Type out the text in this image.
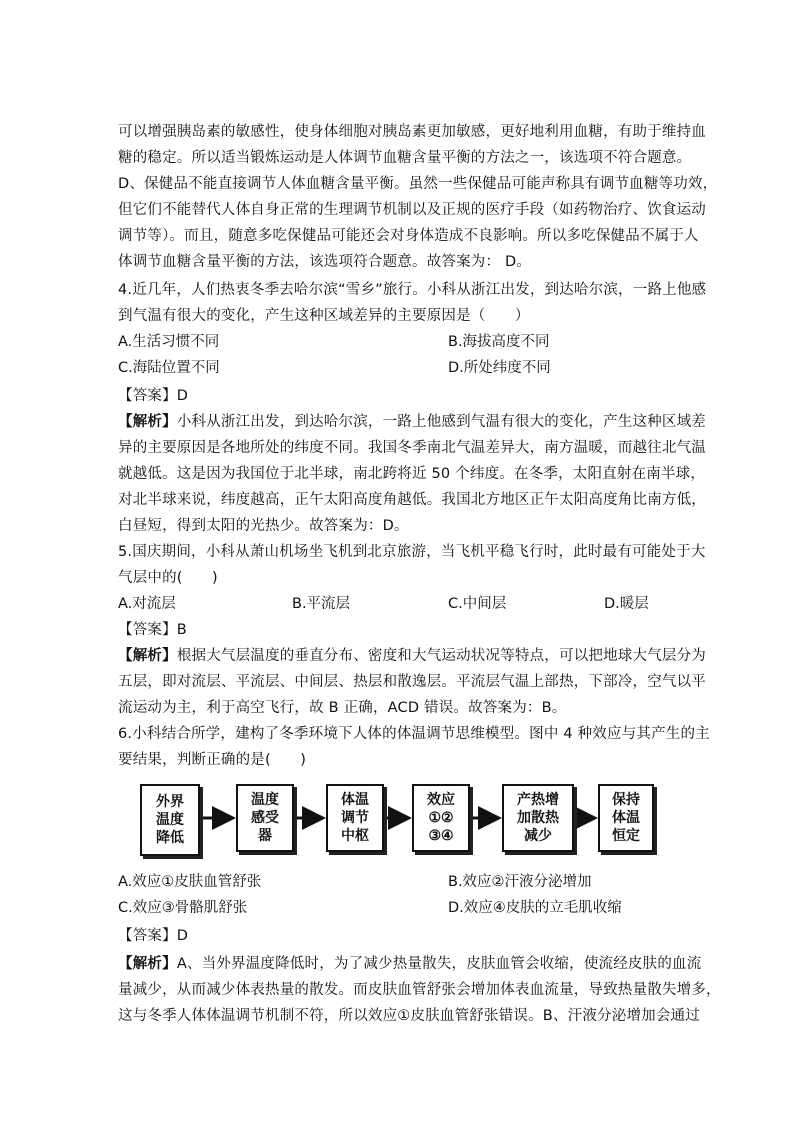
可以增强胰岛素的敏感性，使身体细胞对胰岛素更加敏感，更好地利用血糖，有助于维持血
糖的稳定。所以适当锻炼运动是人体调节血糖含量平衡的方法之一，该选项不符合题意。
D、保健品不能直接调节人体血糖含量平衡。虽然一些保健品可能声称具有调节血糖等功效，
但它们不能替代人体自身正常的生理调节机制以及正规的医疗手段（如药物治疗、饮食运动
调节等）。而且，随意多吃保健品可能还会对身体造成不良影响。所以多吃保健品不属于人
体调节血糖含量平衡的方法，该选项符合题意。故答案为： D。
4.近几年，人们热衷冬季去哈尔滨“雪乡”旅行。小科从浙江出发，到达哈尔滨，一路上他感
到气温有很大的变化，产生这种区域差异的主要原因是（　　）
A.生活习惯不同	B.海拔高度不同
C.海陆位置不同	D.所处纬度不同
【答案】D
【解析】小科从浙江出发，到达哈尔滨，一路上他感到气温有很大的变化，产生这种区域差
异的主要原因是各地所处的纬度不同。我国冬季南北气温差异大，南方温暖，而越往北气温
就越低。这是因为我国位于北半球，南北跨将近 50 个纬度。在冬季，太阳直射在南半球，
对北半球来说，纬度越高，正午太阳高度角越低。我国北方地区正午太阳高度角比南方低，
白昼短，得到太阳的光热少。故答案为：D。
5.国庆期间，小科从萧山机场坐飞机到北京旅游，当飞机平稳飞行时，此时最有可能处于大
气层中的(　　)
A.对流层	B.平流层	C.中间层	D.暖层
【答案】B
【解析】根据大气层温度的垂直分布、密度和大气运动状况等特点，可以把地球大气层分为
五层，即对流层、平流层、中间层、热层和散逸层。平流层气温上部热，下部冷，空气以平
流运动为主，利于高空飞行，故 B 正确，ACD 错误。故答案为：B。
6.小科结合所学，建构了冬季环境下人体的体温调节思维模型。图中 4 种效应与其产生的主
要结果，判断正确的是(　　)
外界
温度
降低
温度
感受
器
体温
调节
中枢
效应
①②
③④
产热增
加散热
减少
保持
体温
恒定
A.效应①皮肤血管舒张	B.效应②汗液分泌增加
C.效应③骨骼肌舒张	D.效应④皮肤的立毛肌收缩
【答案】D
【解析】A、当外界温度降低时，为了减少热量散失，皮肤血管会收缩，使流经皮肤的血流
量减少，从而减少体表热量的散发。而皮肤血管舒张会增加体表血流量，导致热量散失增多，
这与冬季人体体温调节机制不符，所以效应①皮肤血管舒张错误。B、汗液分泌增加会通过
